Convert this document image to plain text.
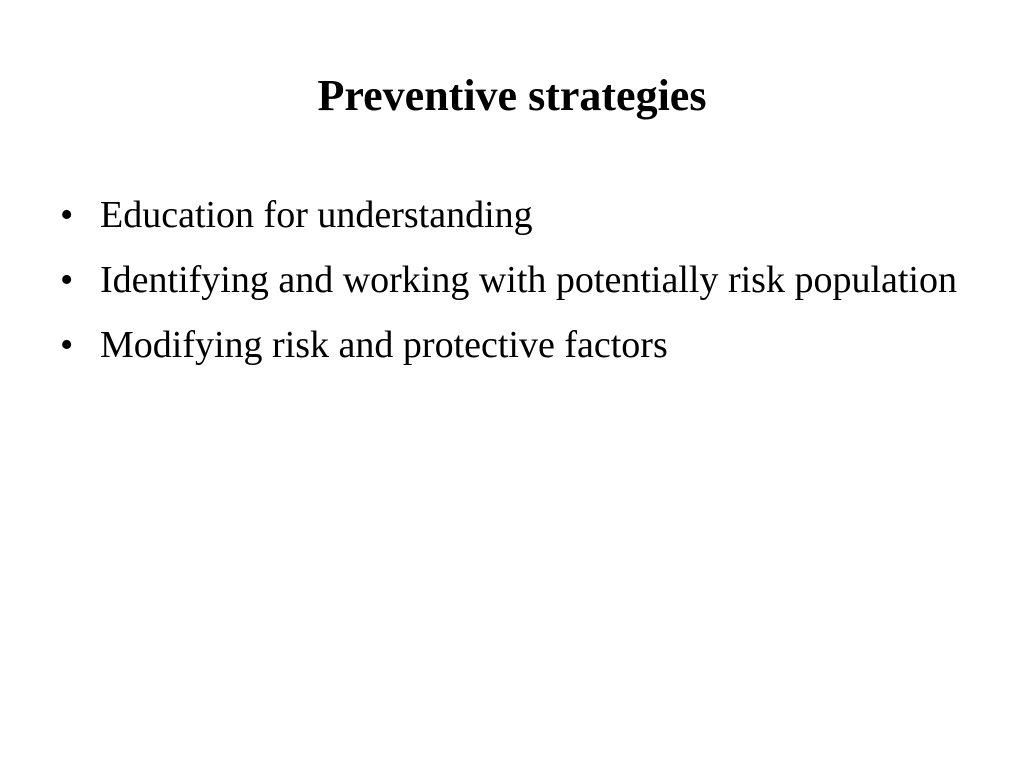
Preventive strategies
• Education for understanding
• Identifying and working with potentially risk population
• Modifying risk and protective factors
